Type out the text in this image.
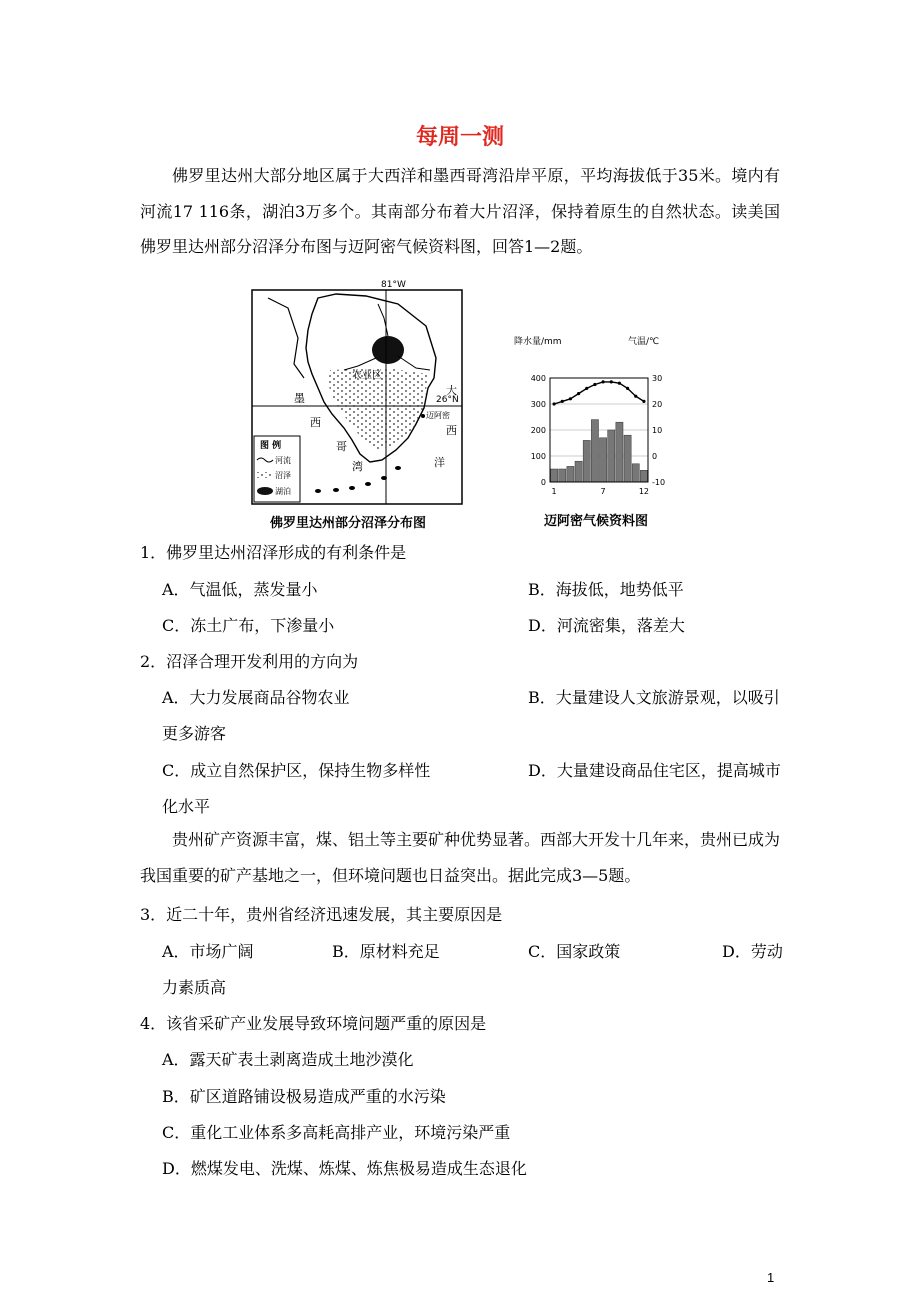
每周一测

佛罗里达州大部分地区属于大西洋和墨西哥湾沿岸平原，平均海拔低于35米。境内有河流17 116条，湖泊3万多个。其南部分布着大片沼泽，保持着原生的自然状态。读美国佛罗里达州部分沼泽分布图与迈阿密气候资料图，回答1—2题。

81°W
26°N
农业区
迈阿密
墨
西
哥
湾
大
西
洋
图 例
河流
沼泽
湖泊
佛罗里达州部分沼泽分布图
降水量/mm	气温/℃
400
300
200
100
0
30
20
10
0
-10
1	7	12
迈阿密气候资料图
1．佛罗里达州沼泽形成的有利条件是
A．气温低，蒸发量小	B．海拔低，地势低平
C．冻土广布，下渗量小	D．河流密集，落差大
2．沼泽合理开发利用的方向为
A．大力发展商品谷物农业	B．大量建设人文旅游景观，以吸引
更多游客
C．成立自然保护区，保持生物多样性	D．大量建设商品住宅区，提高城市
化水平

贵州矿产资源丰富，煤、铝土等主要矿种优势显著。西部大开发十几年来，贵州已成为我国重要的矿产基地之一，但环境问题也日益突出。据此完成3—5题。

3．近二十年，贵州省经济迅速发展，其主要原因是
A．市场广阔	B．原材料充足	C．国家政策	D．劳动
力素质高
4．该省采矿产业发展导致环境问题严重的原因是
A．露天矿表土剥离造成土地沙漠化
B．矿区道路铺设极易造成严重的水污染
C．重化工业体系多高耗高排产业，环境污染严重
D．燃煤发电、洗煤、炼煤、炼焦极易造成生态退化
1
